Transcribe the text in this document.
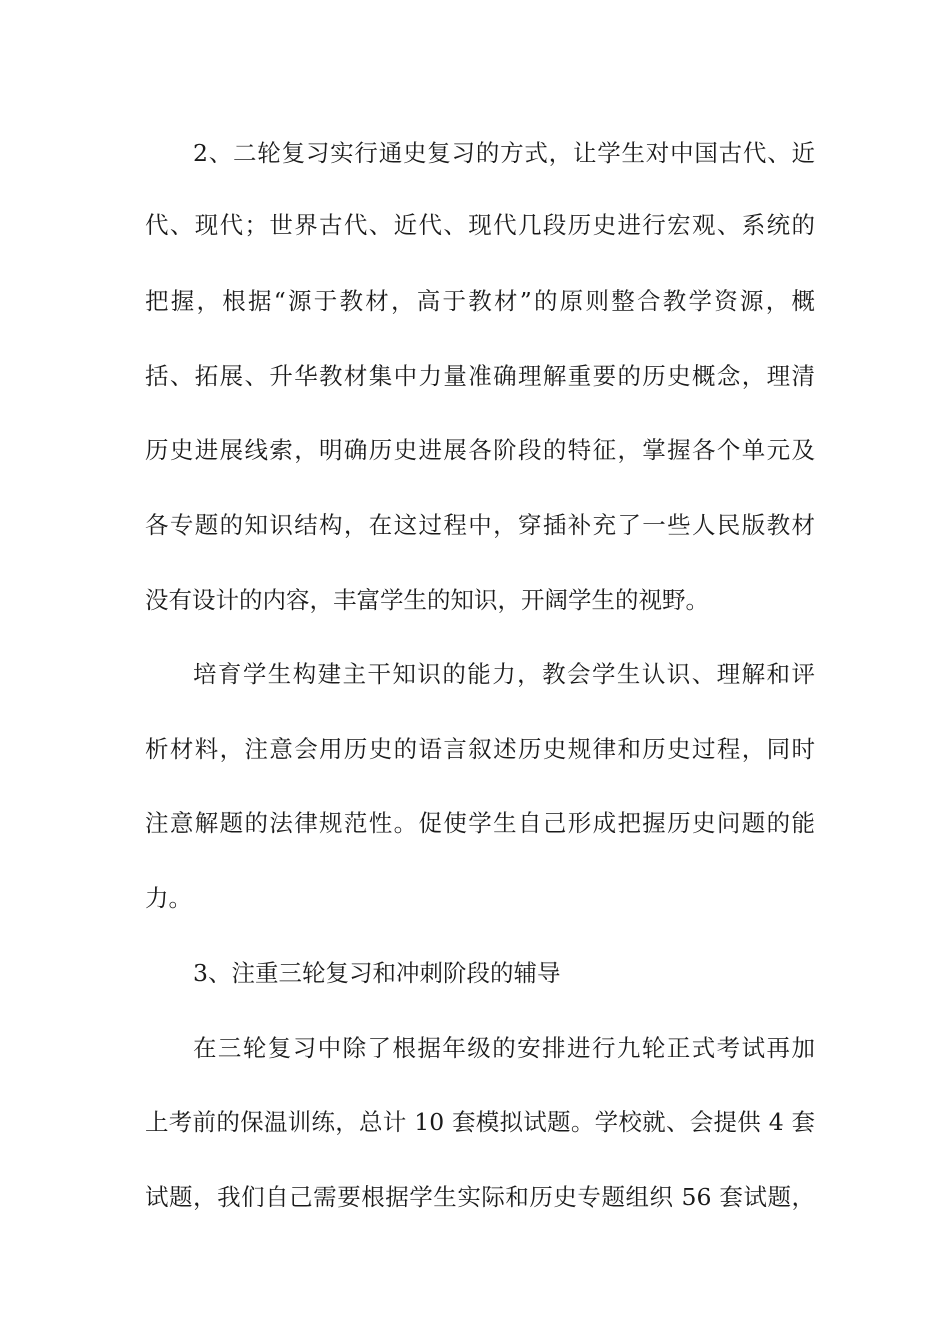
2、二轮复习实行通史复习的方式，让学生对中国古代、近

代、现代；世界古代、近代、现代几段历史进行宏观、系统的

把握，根据“源于教材，高于教材”的原则整合教学资源，概

括、拓展、升华教材集中力量准确理解重要的历史概念，理清

历史进展线索，明确历史进展各阶段的特征，掌握各个单元及

各专题的知识结构，在这过程中，穿插补充了一些人民版教材

没有设计的内容，丰富学生的知识，开阔学生的视野。

培育学生构建主干知识的能力，教会学生认识、理解和评

析材料，注意会用历史的语言叙述历史规律和历史过程，同时

注意解题的法律规范性。促使学生自己形成把握历史问题的能

力。

3、注重三轮复习和冲刺阶段的辅导

在三轮复习中除了根据年级的安排进行九轮正式考试再加

上考前的保温训练，总计 10 套模拟试题。学校就、会提供 4 套

试题，我们自己需要根据学生实际和历史专题组织 56 套试题，
